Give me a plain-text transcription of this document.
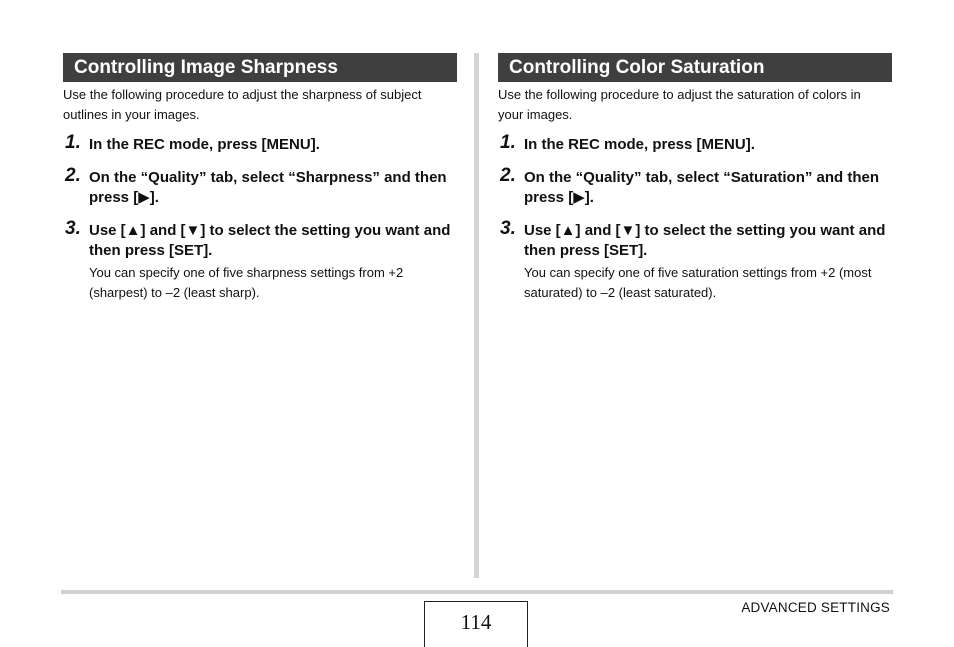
Controlling Image Sharpness

Use the following procedure to adjust the sharpness of subject outlines in your images.

1. In the REC mode, press [MENU].

2. On the “Quality” tab, select “Sharpness” and then press [▶].

3. Use [▲] and [▼] to select the setting you want and then press [SET].

You can specify one of five sharpness settings from +2 (sharpest) to –2 (least sharp).

Controlling Color Saturation

Use the following procedure to adjust the saturation of colors in your images.

1. In the REC mode, press [MENU].

2. On the “Quality” tab, select “Saturation” and then press [▶].

3. Use [▲] and [▼] to select the setting you want and then press [SET].

You can specify one of five saturation settings from +2 (most saturated) to –2 (least saturated).

114
ADVANCED SETTINGS
